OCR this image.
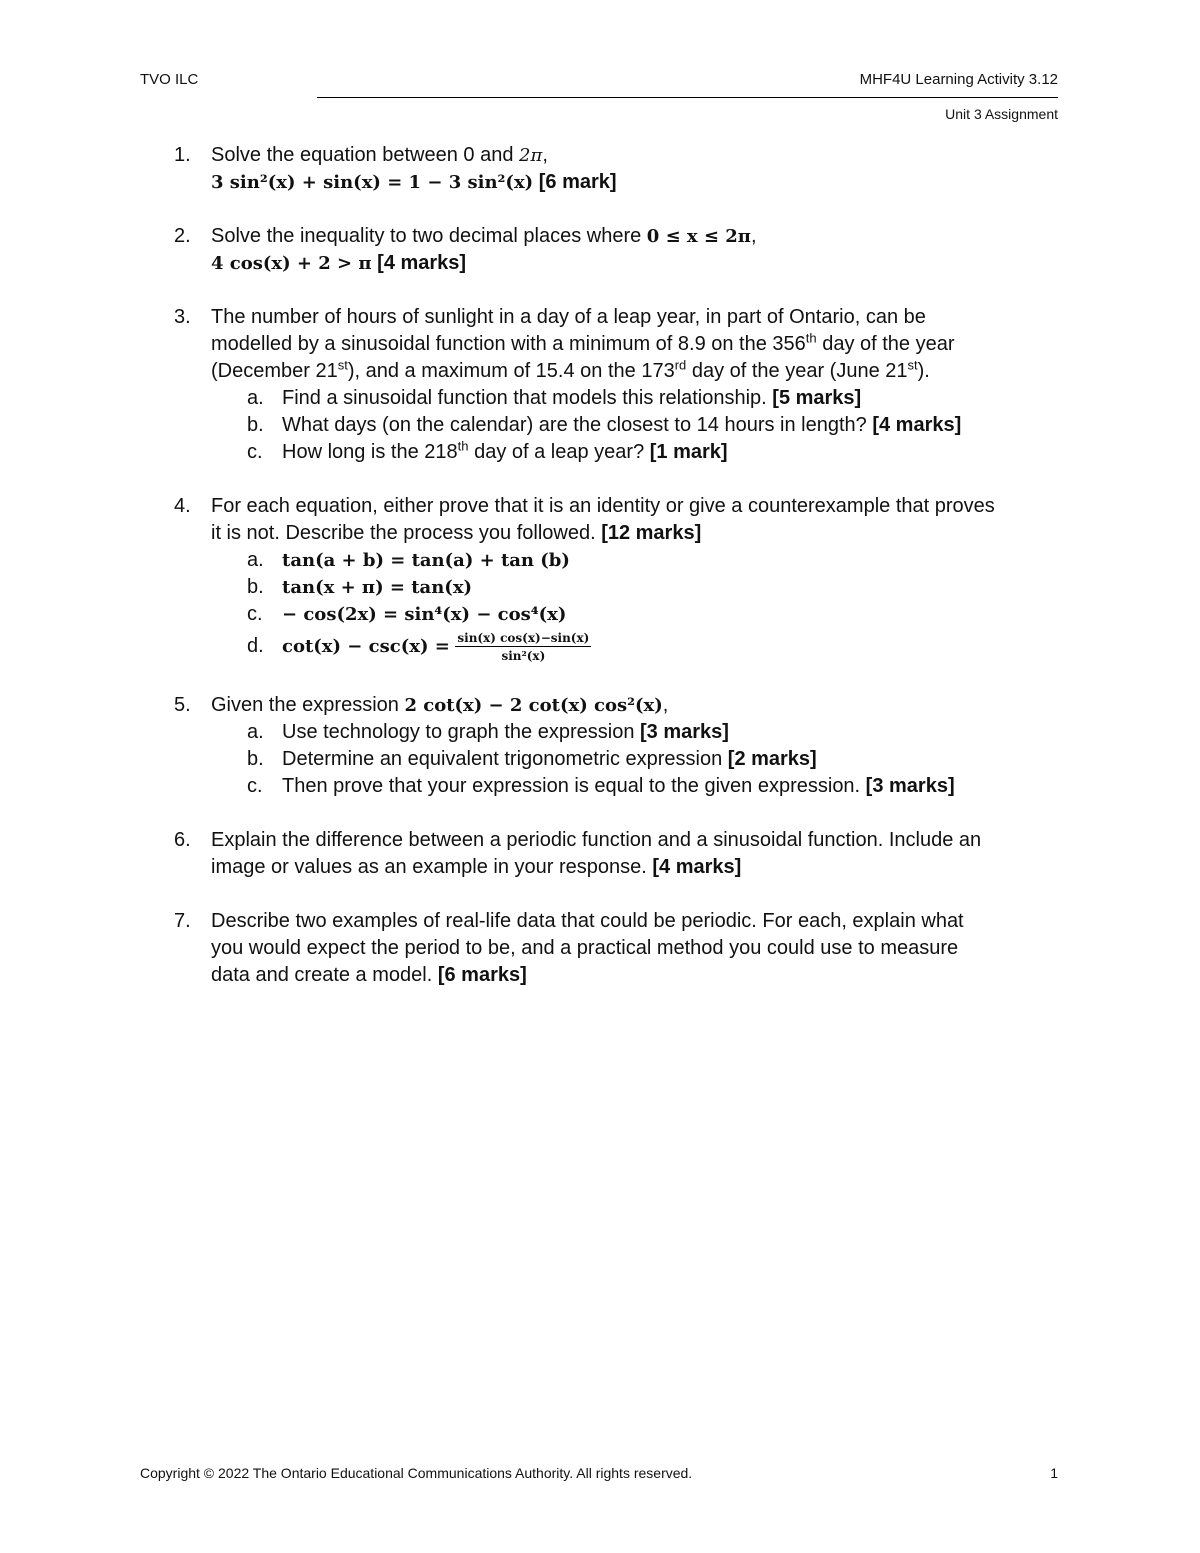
TVO ILC	MHF4U Learning Activity 3.12
Unit 3 Assignment
1. Solve the equation between 0 and 2π,
3 sin²(x) + sin(x) = 1 − 3 sin²(x) [6 mark]
2. Solve the inequality to two decimal places where 0 ≤ x ≤ 2π,
4 cos(x) + 2 > π [4 marks]
3. The number of hours of sunlight in a day of a leap year, in part of Ontario, can be
modelled by a sinusoidal function with a minimum of 8.9 on the 356th day of the year
(December 21st), and a maximum of 15.4 on the 173rd day of the year (June 21st).
a. Find a sinusoidal function that models this relationship. [5 marks]
b. What days (on the calendar) are the closest to 14 hours in length? [4 marks]
c. How long is the 218th day of a leap year? [1 mark]
4. For each equation, either prove that it is an identity or give a counterexample that proves
it is not. Describe the process you followed. [12 marks]
a. tan(a + b) = tan(a) + tan (b)
b. tan(x + π) = tan(x)
c. − cos(2x) = sin⁴(x) − cos⁴(x)
d. $\cot(x) - \csc(x) = \frac{\sin(x) \cos(x)-\sin(x)}{\text{sin²(x)}}$
5. Given the expression 2 cot(x) − 2 cot(x) cos²(x),
a. Use technology to graph the expression [3 marks]
b. Determine an equivalent trigonometric expression [2 marks]
c. Then prove that your expression is equal to the given expression. [3 marks]
6. Explain the difference between a periodic function and a sinusoidal function. Include an
image or values as an example in your response. [4 marks]
7. Describe two examples of real-life data that could be periodic. For each, explain what
you would expect the period to be, and a practical method you could use to measure
data and create a model. [6 marks]
Copyright © 2022 The Ontario Educational Communications Authority. All rights reserved.	1
